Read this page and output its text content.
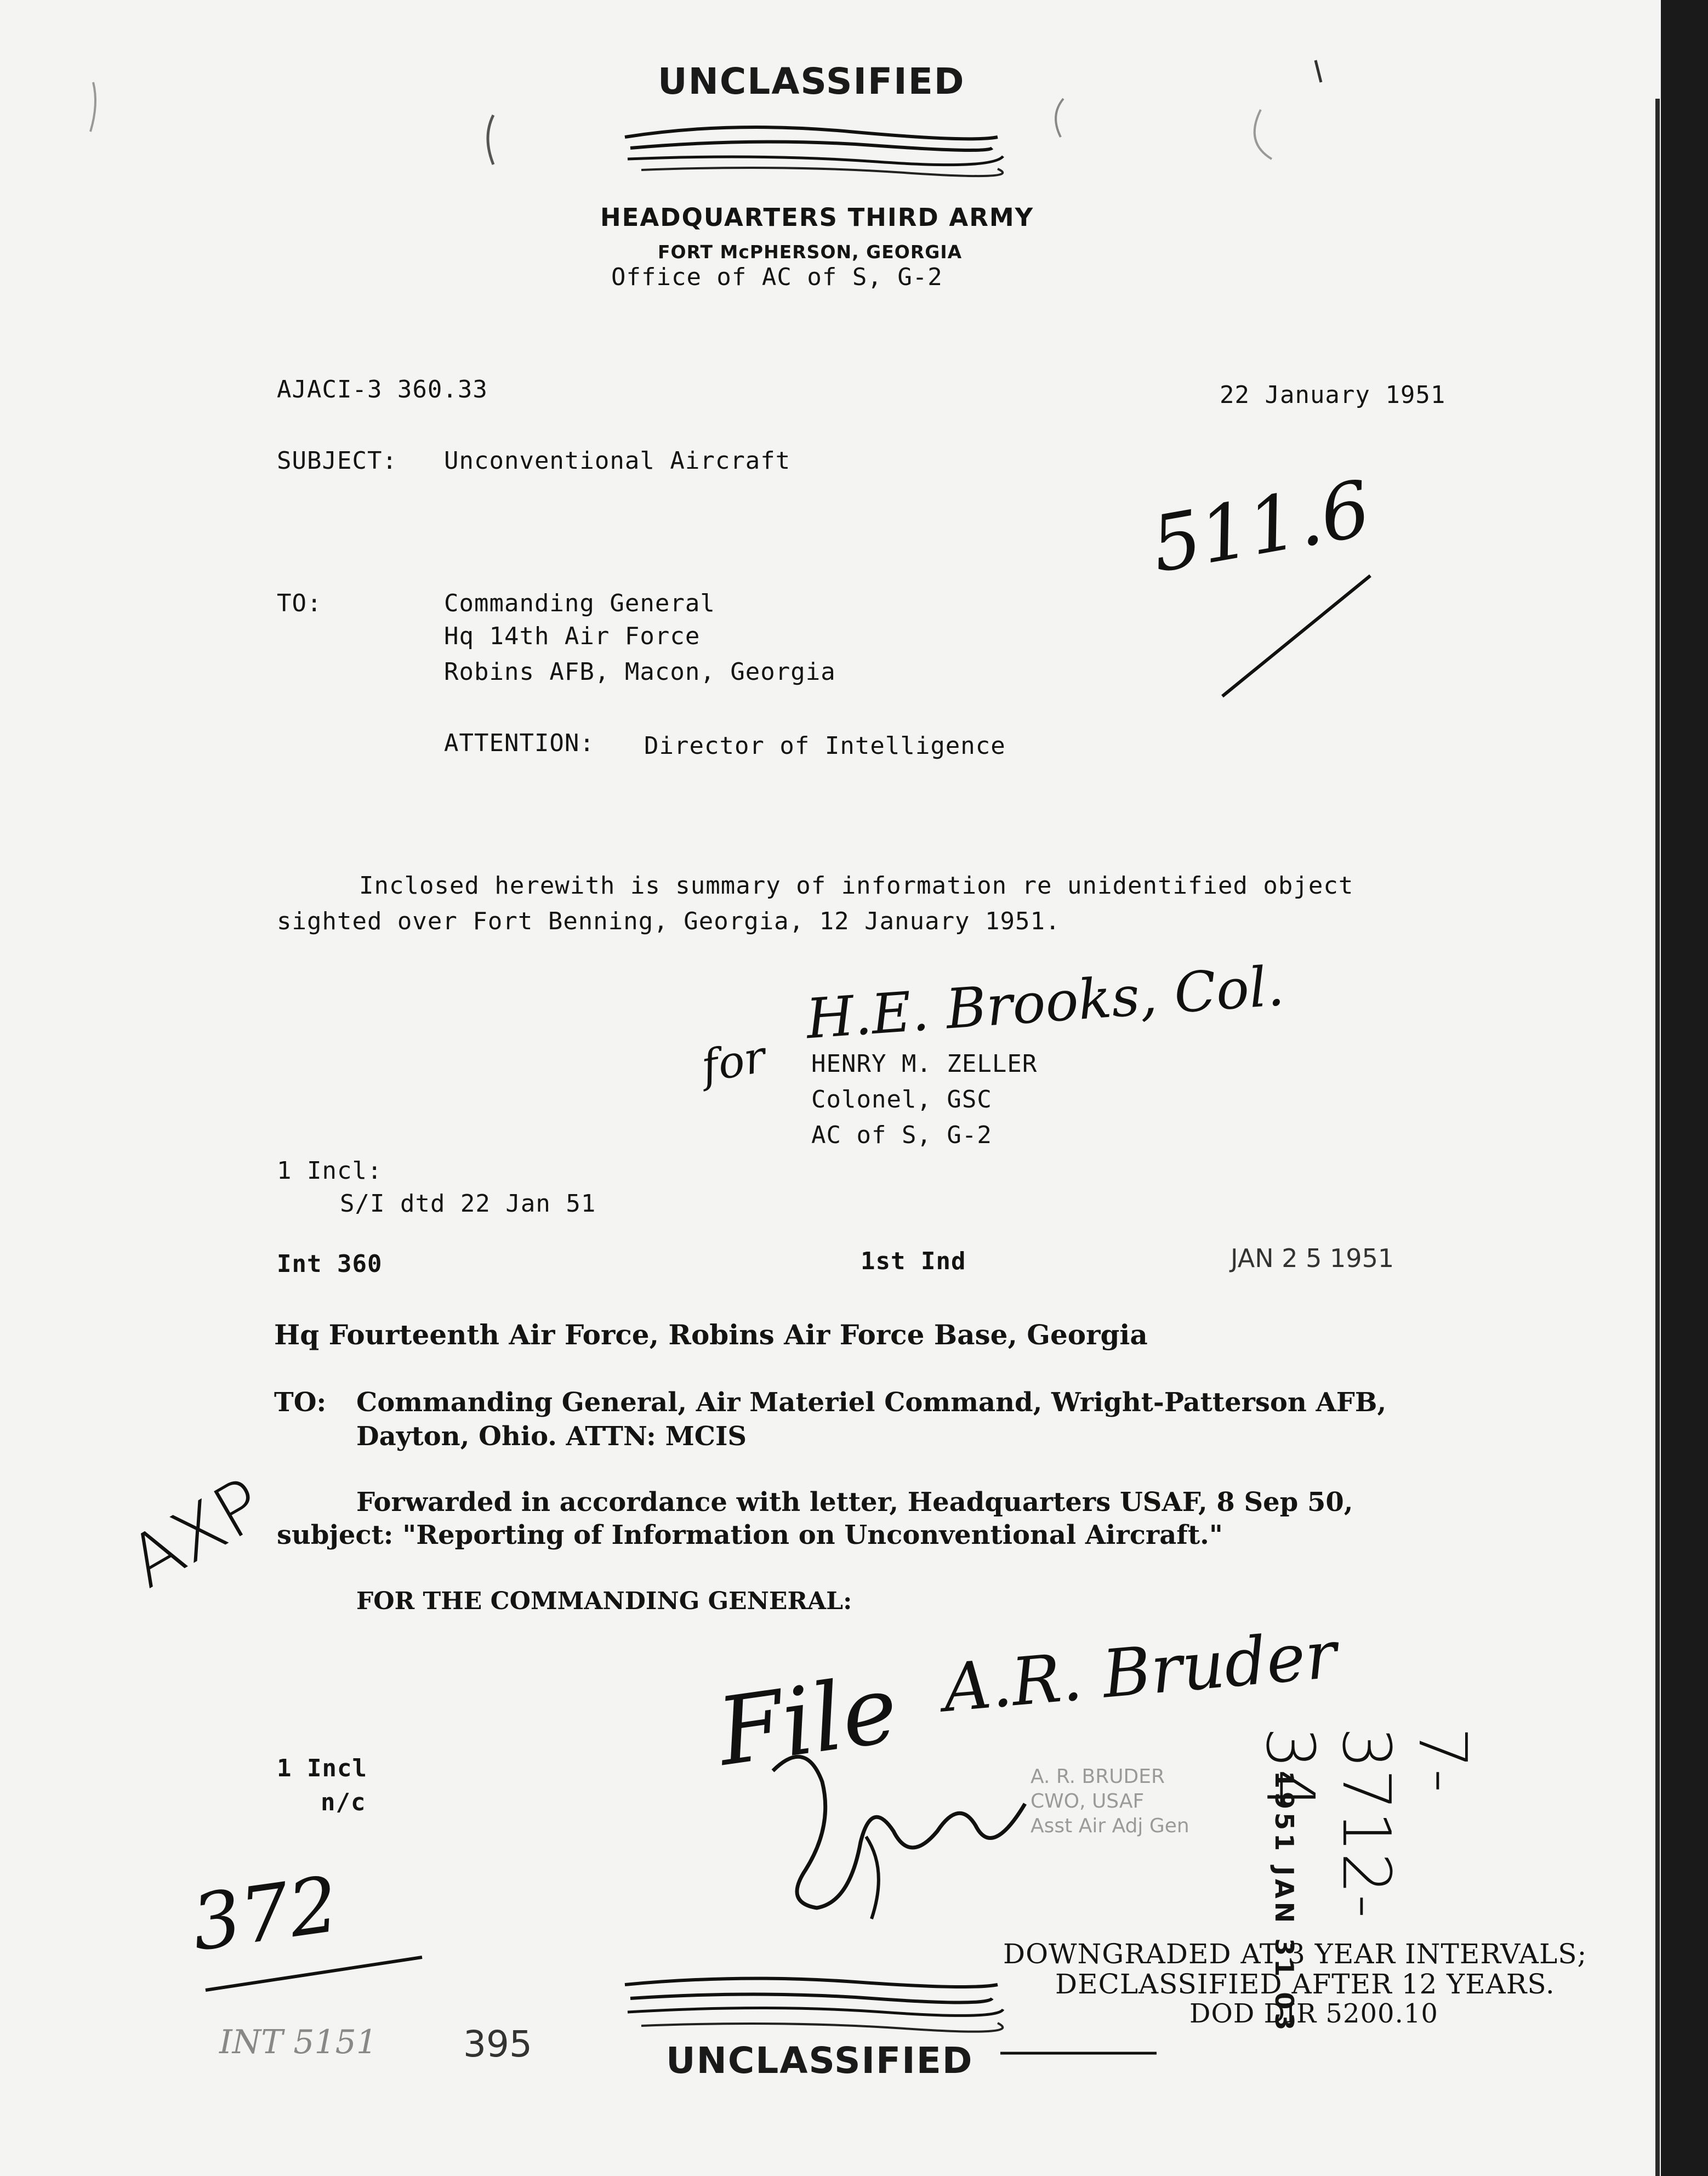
UNCLASSIFIED
HEADQUARTERS THIRD ARMY
FORT McPHERSON, GEORGIA
Office of AC of S, G-2
AJACI-3 360.33	22 January 1951
SUBJECT: Unconventional Aircraft
511.6
TO:	Commanding General
Hq 14th Air Force
Robins AFB, Macon, Georgia
ATTENTION: Director of Intelligence
Inclosed herewith is summary of information re unidentified object
sighted over Fort Benning, Georgia, 12 January 1951.
H.E. Brooks, Col.
for HENRY M. ZELLER
Colonel, GSC
AC of S, G-2
1 Incl:
S/I dtd 22 Jan 51
Int 360	1st Ind	JAN 2 5 1951
Hq Fourteenth Air Force, Robins Air Force Base, Georgia
TO: Commanding General, Air Materiel Command, Wright-Patterson AFB,
Dayton, Ohio. ATTN: MCIS
Forwarded in accordance with letter, Headquarters USAF, 8 Sep 50,
subject: "Reporting of Information on Unconventional Aircraft."
FOR THE COMMANDING GENERAL:
AXP
7-3712-34
File A.R. Bruder
A. R. BRUDER
CWO, USAF
Asst Air Adj Gen	1951 JAN 31 03
1 Incl
n/c
372
INT 5151 395
DOWNGRADED AT 3 YEAR INTERVALS;
DECLASSIFIED AFTER 12 YEARS.
DOD DIR 5200.10
UNCLASSIFIED
